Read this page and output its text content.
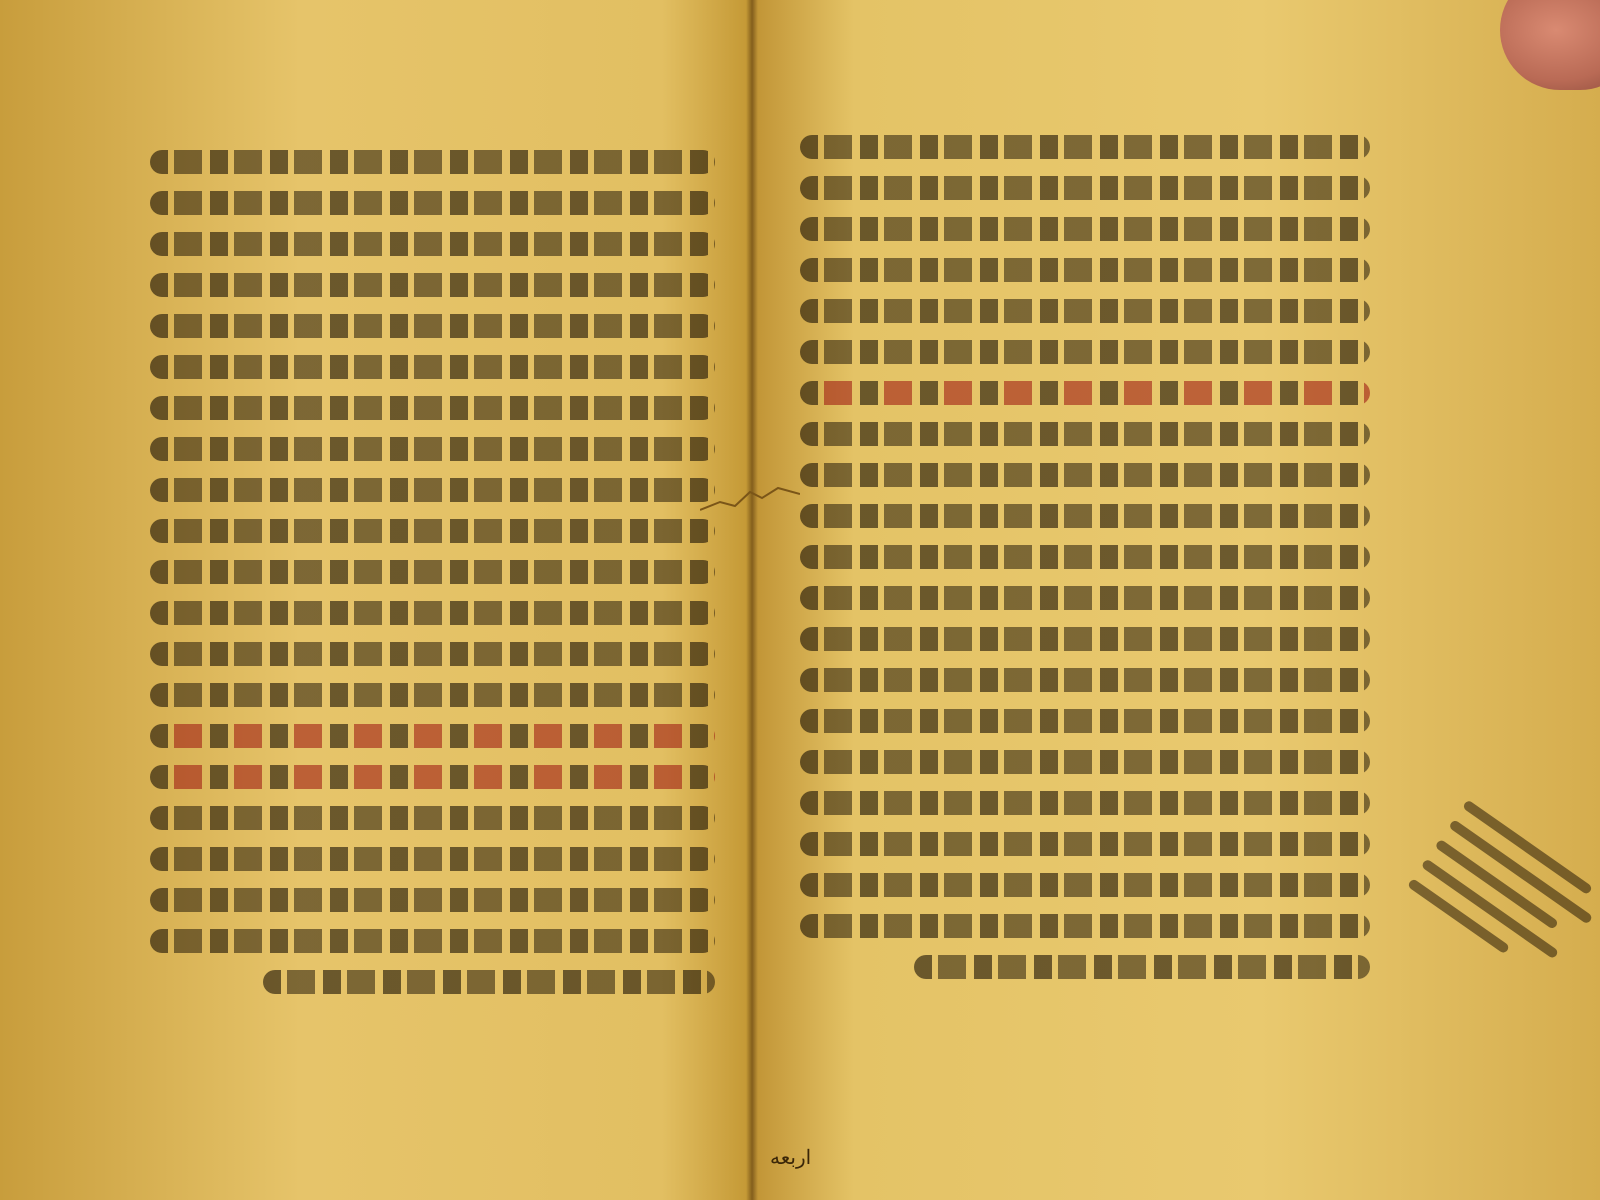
اربعه
